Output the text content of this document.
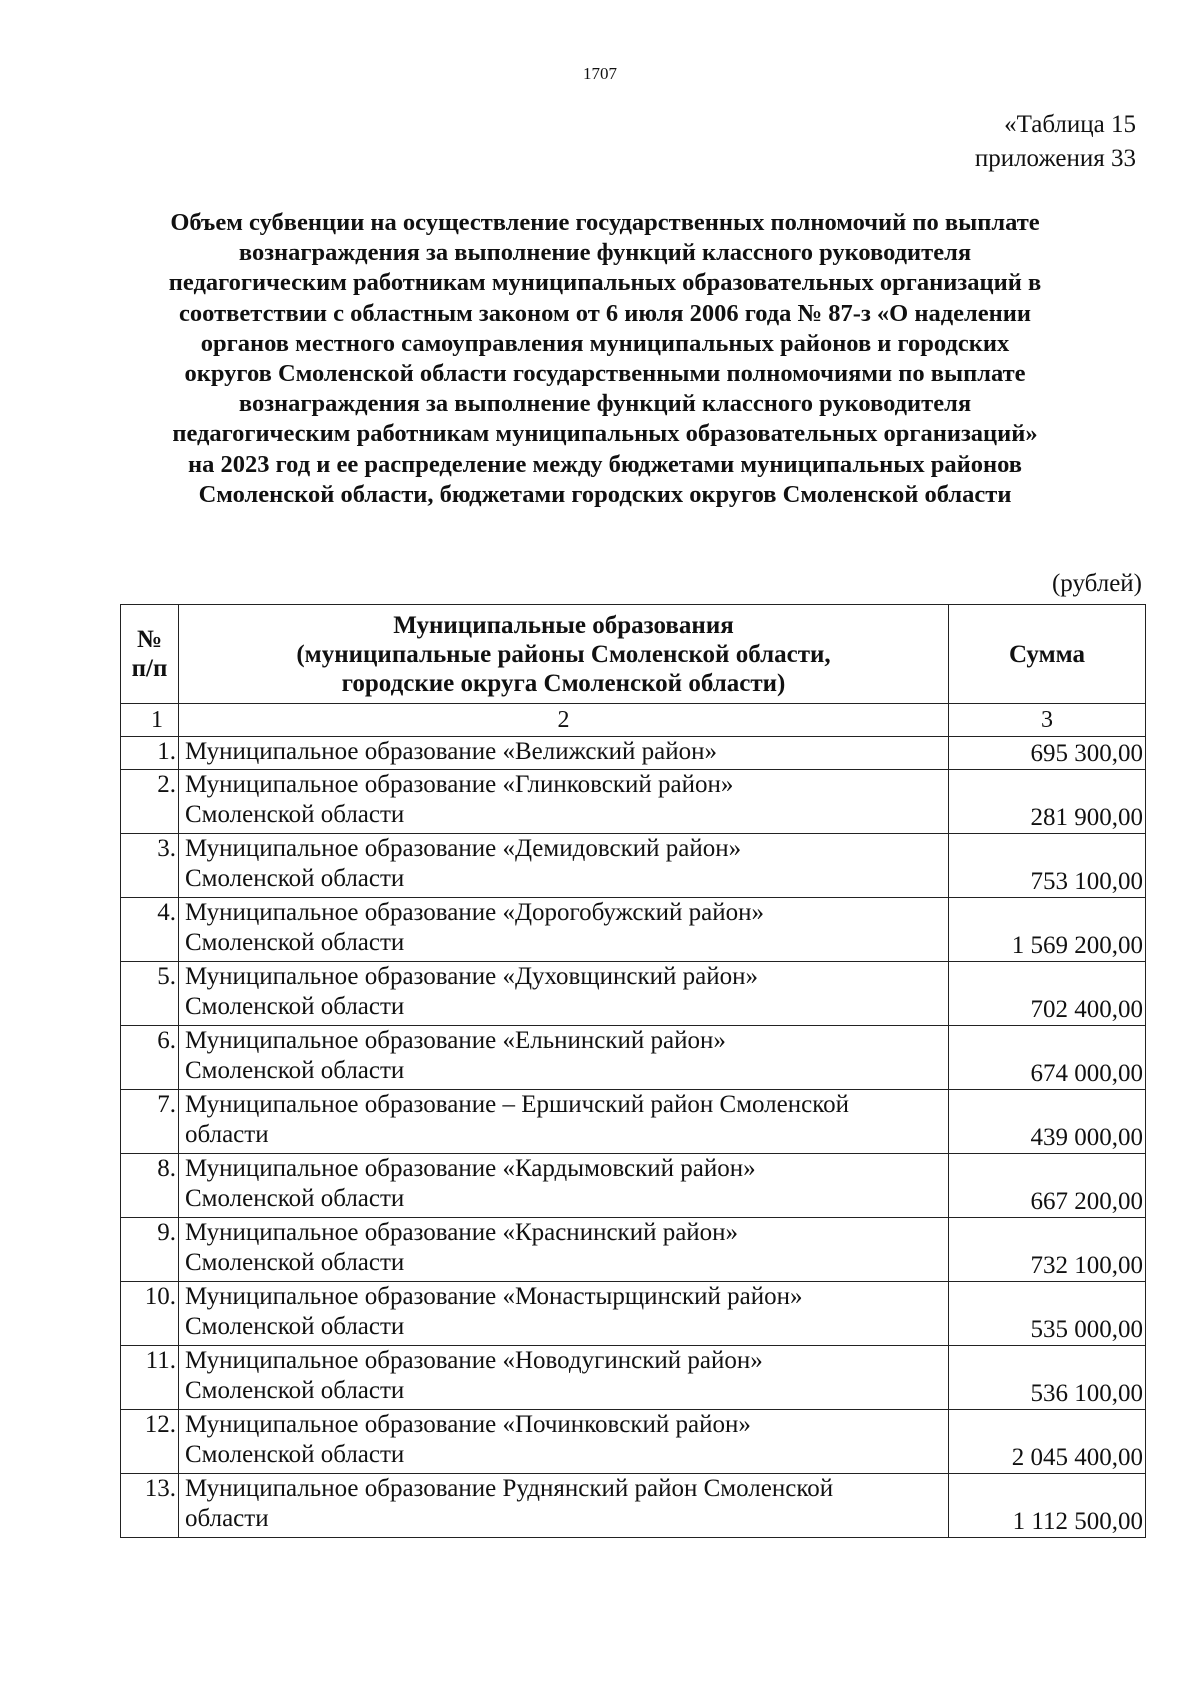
1707
«Таблица 15
приложения 33
Объем субвенции на осуществление государственных полномочий по выплате
вознаграждения за выполнение функций классного руководителя
педагогическим работникам муниципальных образовательных организаций в
соответствии с областным законом от 6 июля 2006 года № 87-з «О наделении
органов местного самоуправления муниципальных районов и городских
округов Смоленской области государственными полномочиями по выплате
вознаграждения за выполнение функций классного руководителя
педагогическим работникам муниципальных образовательных организаций»
на 2023 год и ее распределение между бюджетами муниципальных районов
Смоленской области, бюджетами городских округов Смоленской области
(рублей)
№
п/п	Муниципальные образования
(муниципальные районы Смоленской области,
городские округа Смоленской области)	Сумма
1	2	3
1.	Муниципальное образование «Велижский район»	695 300,00
2.	Муниципальное образование «Глинковский район»
Смоленской области	281 900,00
3.	Муниципальное образование «Демидовский район»
Смоленской области	753 100,00
4.	Муниципальное образование «Дорогобужский район»
Смоленской области	1 569 200,00
5.	Муниципальное образование «Духовщинский район»
Смоленской области	702 400,00
6.	Муниципальное образование «Ельнинский район»
Смоленской области	674 000,00
7.	Муниципальное образование – Ершичский район Смоленской
области	439 000,00
8.	Муниципальное образование «Кардымовский район»
Смоленской области	667 200,00
9.	Муниципальное образование «Краснинский район»
Смоленской области	732 100,00
10.	Муниципальное образование «Монастырщинский район»
Смоленской области	535 000,00
11.	Муниципальное образование «Новодугинский район»
Смоленской области	536 100,00
12.	Муниципальное образование «Починковский район»
Смоленской области	2 045 400,00
13.	Муниципальное образование Руднянский район Смоленской
области	1 112 500,00
